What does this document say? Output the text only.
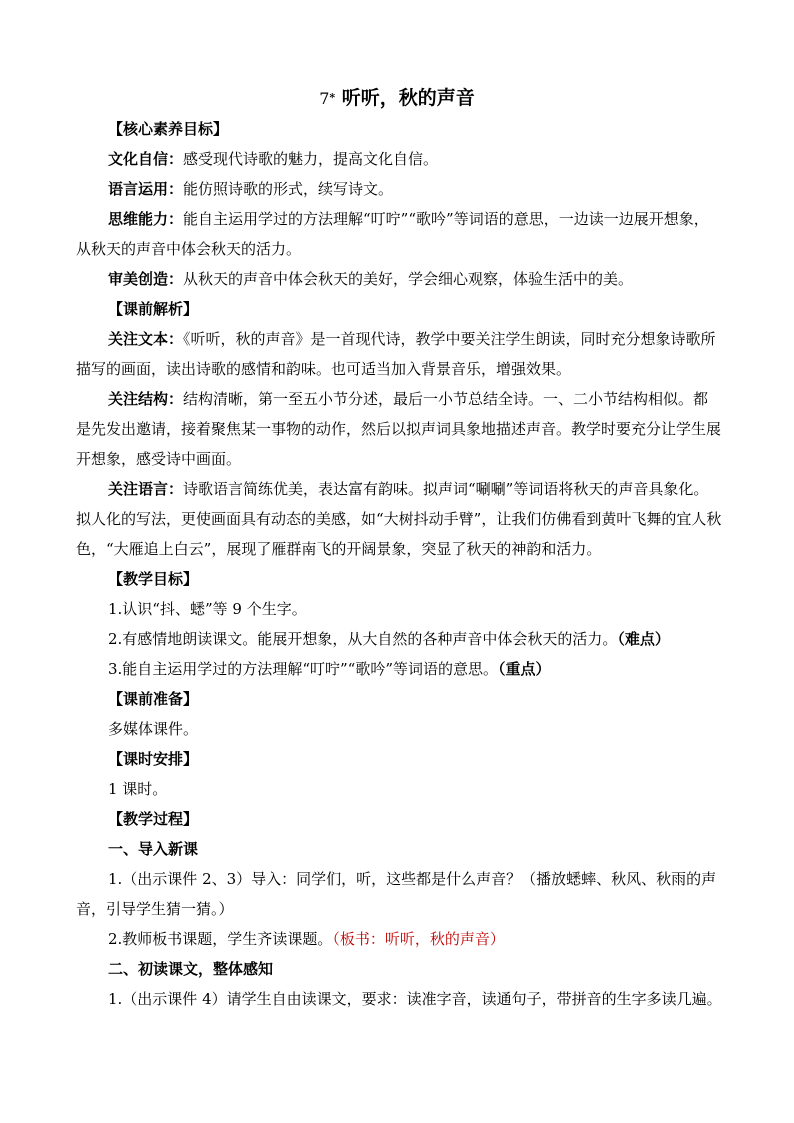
7* 听听，秋的声音

【核心素养目标】

文化自信：感受现代诗歌的魅力，提高文化自信。

语言运用：能仿照诗歌的形式，续写诗文。

思维能力：能自主运用学过的方法理解“叮咛”“歌吟”等词语的意思，一边读一边展开想象，从秋天的声音中体会秋天的活力。

审美创造：从秋天的声音中体会秋天的美好，学会细心观察，体验生活中的美。

【课前解析】

关注文本：《听听，秋的声音》是一首现代诗，教学中要关注学生朗读，同时充分想象诗歌所描写的画面，读出诗歌的感情和韵味。也可适当加入背景音乐，增强效果。

关注结构：结构清晰，第一至五小节分述，最后一小节总结全诗。一、二小节结构相似。都是先发出邀请，接着聚焦某一事物的动作，然后以拟声词具象地描述声音。教学时要充分让学生展开想象，感受诗中画面。

关注语言：诗歌语言简练优美，表达富有韵味。拟声词“唰唰”等词语将秋天的声音具象化。拟人化的写法，更使画面具有动态的美感，如“大树抖动手臂”，让我们仿佛看到黄叶飞舞的宜人秋色，“大雁追上白云”，展现了雁群南飞的开阔景象，突显了秋天的神韵和活力。

【教学目标】

1.认识“抖、蟋”等 9 个生字。

2.有感情地朗读课文。能展开想象，从大自然的各种声音中体会秋天的活力。（难点）

3.能自主运用学过的方法理解“叮咛”“歌吟”等词语的意思。（重点）

【课前准备】

多媒体课件。

【课时安排】

1 课时。

【教学过程】

一、导入新课

1.（出示课件 2、3）导入：同学们，听，这些都是什么声音？（播放蟋蟀、秋风、秋雨的声音，引导学生猜一猜。）

2.教师板书课题，学生齐读课题。（板书：听听，秋的声音）

二、初读课文，整体感知

1.（出示课件 4）请学生自由读课文，要求：读准字音，读通句子，带拼音的生字多读几遍。
